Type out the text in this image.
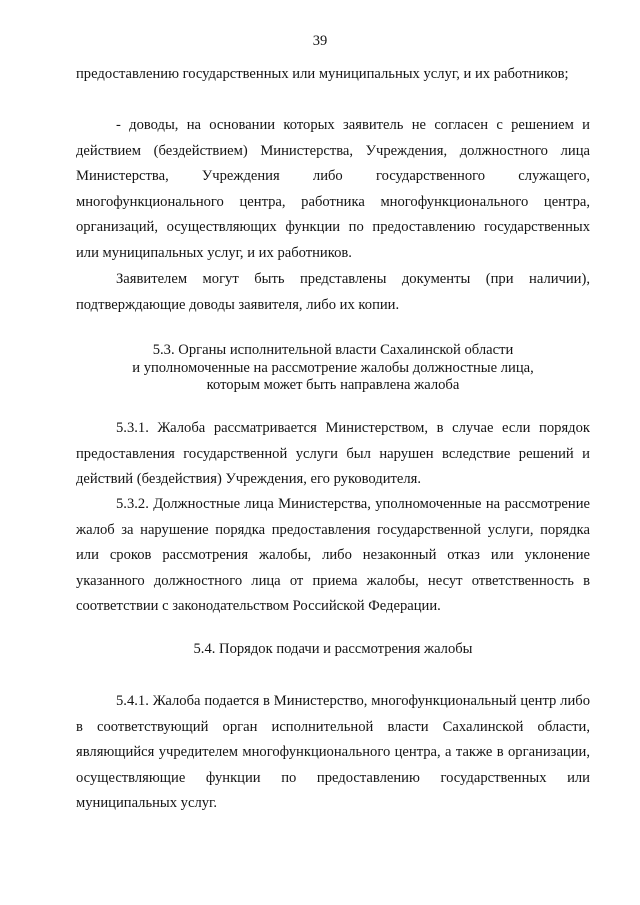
39

предоставлению государственных или муниципальных услуг, и их работников;

- доводы, на основании которых заявитель не согласен с решением и действием (бездействием) Министерства, Учреждения, должностного лица Министерства, Учреждения либо государственного служащего, многофункционального центра, работника многофункционального центра, организаций, осуществляющих функции по предоставлению государственных или муниципальных услуг, и их работников.

Заявителем могут быть представлены документы (при наличии), подтверждающие доводы заявителя, либо их копии.

5.3. Органы исполнительной власти Сахалинской области
и уполномоченные на рассмотрение жалобы должностные лица,
которым может быть направлена жалоба

5.3.1. Жалоба рассматривается Министерством, в случае если порядок предоставления государственной услуги был нарушен вследствие решений и действий (бездействия) Учреждения, его руководителя.

5.3.2. Должностные лица Министерства, уполномоченные на рассмотрение жалоб за нарушение порядка предоставления государственной услуги, порядка или сроков рассмотрения жалобы, либо незаконный отказ или уклонение указанного должностного лица от приема жалобы, несут ответственность в соответствии с законодательством Российской Федерации.

5.4. Порядок подачи и рассмотрения жалобы

5.4.1. Жалоба подается в Министерство, многофункциональный центр либо в соответствующий орган исполнительной власти Сахалинской области, являющийся учредителем многофункционального центра, а также в организации, осуществляющие функции по предоставлению государственных или муниципальных услуг.
